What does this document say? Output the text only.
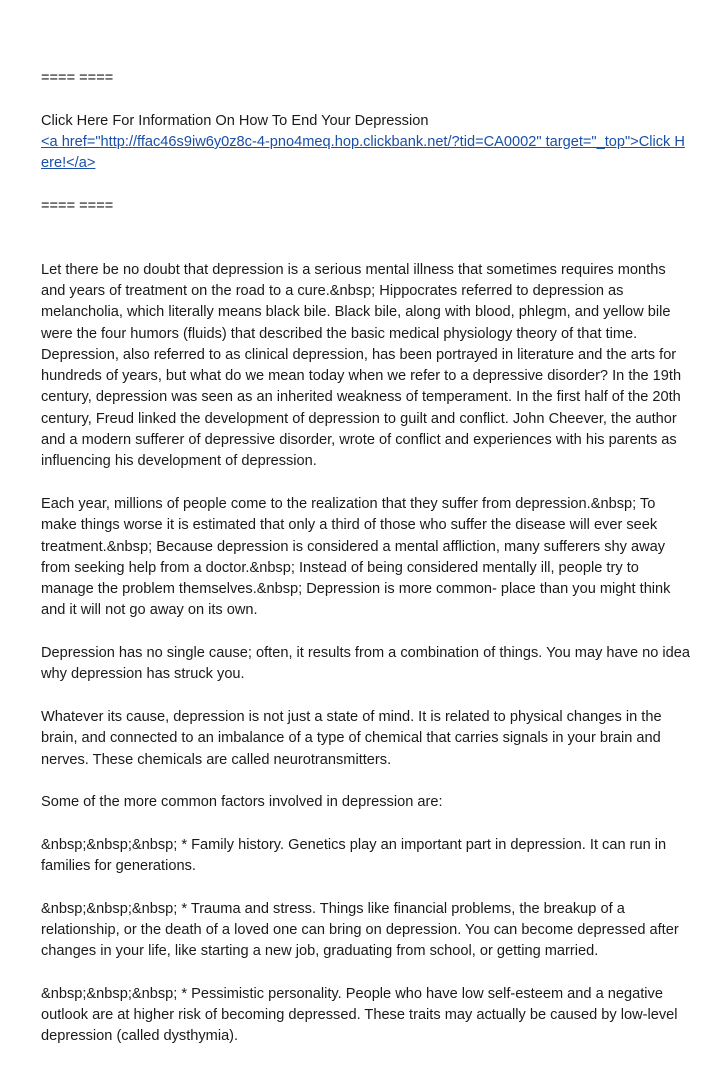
==== ====

Click Here For Information On How To End Your Depression

<a href="http://ffac46s9iw6y0z8c-4-pno4meq.hop.clickbank.net/?tid=CA0002" target="_top">Click Here!</a>

==== ====

Let there be no doubt that depression is a serious mental illness that sometimes requires months and years of treatment on the road to a cure.&nbsp; Hippocrates referred to depression as melancholia, which literally means black bile. Black bile, along with blood, phlegm, and yellow bile were the four humors (fluids) that described the basic medical physiology theory of that time. Depression, also referred to as clinical depression, has been portrayed in literature and the arts for hundreds of years, but what do we mean today when we refer to a depressive disorder? In the 19th century, depression was seen as an inherited weakness of temperament. In the first half of the 20th century, Freud linked the development of depression to guilt and conflict. John Cheever, the author and a modern sufferer of depressive disorder, wrote of conflict and experiences with his parents as influencing his development of depression.

Each year, millions of people come to the realization that they suffer from depression.&nbsp; To make things worse it is estimated that only a third of those who suffer the disease will ever seek treatment.&nbsp; Because depression is considered a mental affliction, many sufferers shy away from seeking help from a doctor.&nbsp; Instead of being considered mentally ill, people try to manage the problem themselves.&nbsp; Depression is more common- place than you might think and it will not go away on its own.

Depression has no single cause; often, it results from a combination of things. You may have no idea why depression has struck you.

Whatever its cause, depression is not just a state of mind. It is related to physical changes in the brain, and connected to an imbalance of a type of chemical that carries signals in your brain and nerves. These chemicals are called neurotransmitters.

Some of the more common factors involved in depression are:

&nbsp;&nbsp;&nbsp; * Family history. Genetics play an important part in depression. It can run in families for generations.

&nbsp;&nbsp;&nbsp; * Trauma and stress. Things like financial problems, the breakup of a relationship, or the death of a loved one can bring on depression. You can become depressed after changes in your life, like starting a new job, graduating from school, or getting married.

&nbsp;&nbsp;&nbsp; * Pessimistic personality. People who have low self-esteem and a negative outlook are at higher risk of becoming depressed. These traits may actually be caused by low-level depression (called dysthymia).
